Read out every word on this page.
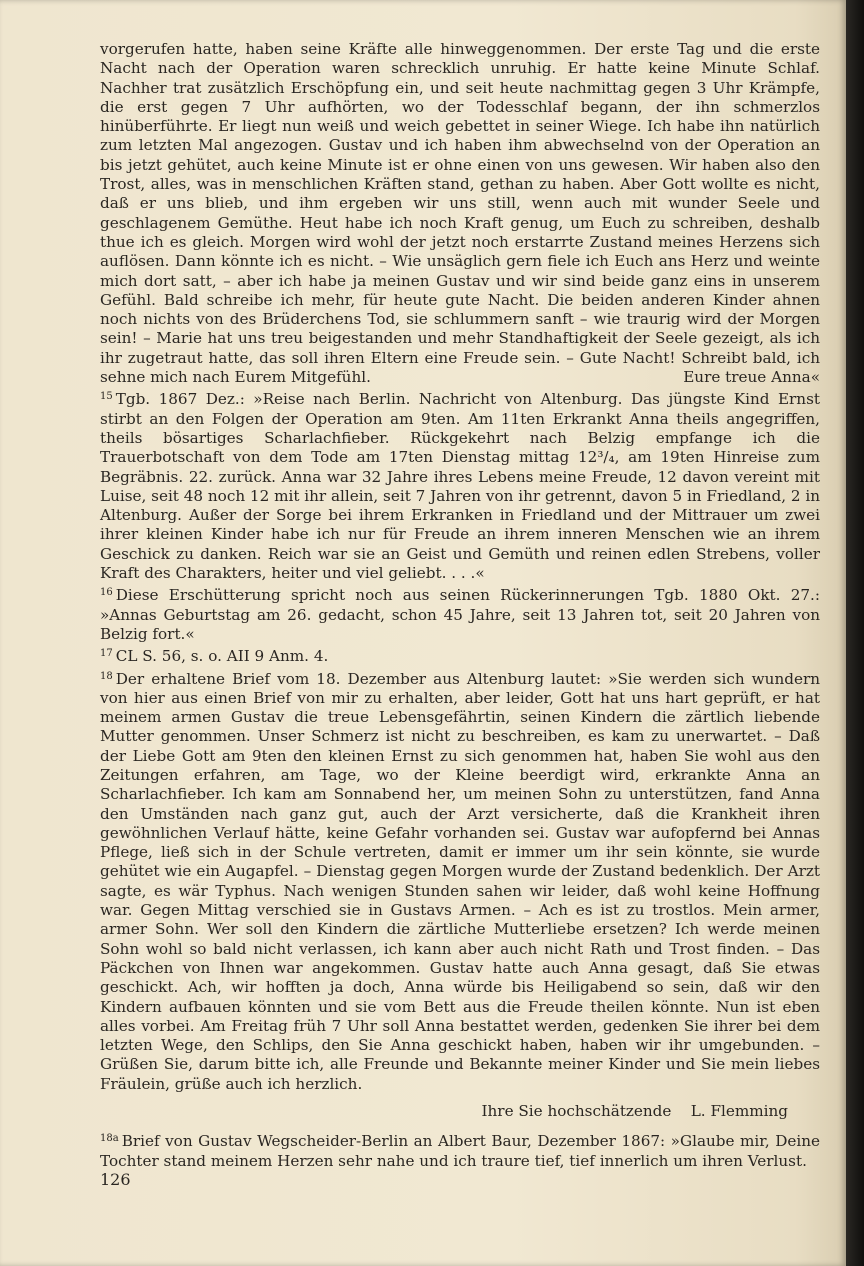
vorgerufen hatte, haben seine Kräfte alle hinweggenommen. Der erste Tag und die erste Nacht nach der Operation waren schrecklich unruhig. Er hatte keine Minute Schlaf. Nachher trat zusätzlich Erschöpfung ein, und seit heute nachmittag gegen 3 Uhr Krämpfe, die erst gegen 7 Uhr aufhörten, wo der Todesschlaf begann, der ihn schmerzlos hinüberführte. Er liegt nun weiß und weich gebettet in seiner Wiege. Ich habe ihn natürlich zum letzten Mal angezogen. Gustav und ich haben ihm abwechselnd von der Operation an bis jetzt gehütet, auch keine Minute ist er ohne einen von uns gewesen. Wir haben also den Trost, alles, was in menschlichen Kräften stand, gethan zu haben. Aber Gott wollte es nicht, daß er uns blieb, und ihm ergeben wir uns still, wenn auch mit wunder Seele und geschlagenem Gemüthe. Heut habe ich noch Kraft genug, um Euch zu schreiben, deshalb thue ich es gleich. Morgen wird wohl der jetzt noch erstarrte Zustand meines Herzens sich auflösen. Dann könnte ich es nicht. – Wie unsäglich gern fiele ich Euch ans Herz und weinte mich dort satt, – aber ich habe ja meinen Gustav und wir sind beide ganz eins in unserem Gefühl. Bald schreibe ich mehr, für heute gute Nacht. Die beiden anderen Kinder ahnen noch nichts von des Brüderchens Tod, sie schlummern sanft – wie traurig wird der Morgen sein! – Marie hat uns treu beigestanden und mehr Standhaftigkeit der Seele gezeigt, als ich ihr zugetraut hatte, das soll ihren Eltern eine Freude sein. – Gute Nacht! Schreibt bald, ich sehne mich nach Eurem Mitgefühl.	Eure treue Anna«

$^{15}$ Tgb. 1867 Dez.: »Reise nach Berlin. Nachricht von Altenburg. Das jüngste Kind Ernst stirbt an den Folgen der Operation am 9ten. Am 11ten Erkrankt Anna theils angegriffen, theils bösartiges Scharlachfieber. Rückgekehrt nach Belzig empfange ich die Trauerbotschaft von dem Tode am 17ten Dienstag mittag 12³/₄, am 19ten Hinreise zum Begräbnis. 22. zurück. Anna war 32 Jahre ihres Lebens meine Freude, 12 davon vereint mit Luise, seit 48 noch 12 mit ihr allein, seit 7 Jahren von ihr getrennt, davon 5 in Friedland, 2 in Altenburg. Außer der Sorge bei ihrem Erkranken in Friedland und der Mittrauer um zwei ihrer kleinen Kinder habe ich nur für Freude an ihrem inneren Menschen wie an ihrem Geschick zu danken. Reich war sie an Geist und Gemüth und reinen edlen Strebens, voller Kraft des Charakters, heiter und viel geliebt. . . .«

$^{16}$ Diese Erschütterung spricht noch aus seinen Rückerinnerungen Tgb. 1880 Okt. 27.: »Annas Geburtstag am 26. gedacht, schon 45 Jahre, seit 13 Jahren tot, seit 20 Jahren von Belzig fort.«

$^{17}$ CL S. 56, s. o. AII 9 Anm. 4.

$^{18}$ Der erhaltene Brief vom 18. Dezember aus Altenburg lautet: »Sie werden sich wundern von hier aus einen Brief von mir zu erhalten, aber leider, Gott hat uns hart geprüft, er hat meinem armen Gustav die treue Lebensgefährtin, seinen Kindern die zärtlich liebende Mutter genommen. Unser Schmerz ist nicht zu beschreiben, es kam zu unerwartet. – Daß der Liebe Gott am 9ten den kleinen Ernst zu sich genommen hat, haben Sie wohl aus den Zeitungen erfahren, am Tage, wo der Kleine beerdigt wird, erkrankte Anna an Scharlachfieber. Ich kam am Sonnabend her, um meinen Sohn zu unterstützen, fand Anna den Umständen nach ganz gut, auch der Arzt versicherte, daß die Krankheit ihren gewöhnlichen Verlauf hätte, keine Gefahr vorhanden sei. Gustav war aufopfernd bei Annas Pflege, ließ sich in der Schule vertreten, damit er immer um ihr sein könnte, sie wurde gehütet wie ein Augapfel. – Dienstag gegen Morgen wurde der Zustand bedenklich. Der Arzt sagte, es wär Typhus. Nach wenigen Stunden sahen wir leider, daß wohl keine Hoffnung war. Gegen Mittag verschied sie in Gustavs Armen. – Ach es ist zu trostlos. Mein armer, armer Sohn. Wer soll den Kindern die zärtliche Mutterliebe ersetzen? Ich werde meinen Sohn wohl so bald nicht verlassen, ich kann aber auch nicht Rath und Trost finden. – Das Päckchen von Ihnen war angekommen. Gustav hatte auch Anna gesagt, daß Sie etwas geschickt. Ach, wir hofften ja doch, Anna würde bis Heiligabend so sein, daß wir den Kindern aufbauen könnten und sie vom Bett aus die Freude theilen könnte. Nun ist eben alles vorbei. Am Freitag früh 7 Uhr soll Anna bestattet werden, gedenken Sie ihrer bei dem letzten Wege, den Schlips, den Sie Anna geschickt haben, haben wir ihr umgebunden. – Grüßen Sie, darum bitte ich, alle Freunde und Bekannte meiner Kinder und Sie mein liebes Fräulein, grüße auch ich herzlich.

Ihre Sie hochschätzende    L. Flemming

$^{18a}$ Brief von Gustav Wegscheider-Berlin an Albert Baur, Dezember 1867: »Glaube mir, Deine Tochter stand meinem Herzen sehr nahe und ich traure tief, tief innerlich um ihren Verlust.

126
